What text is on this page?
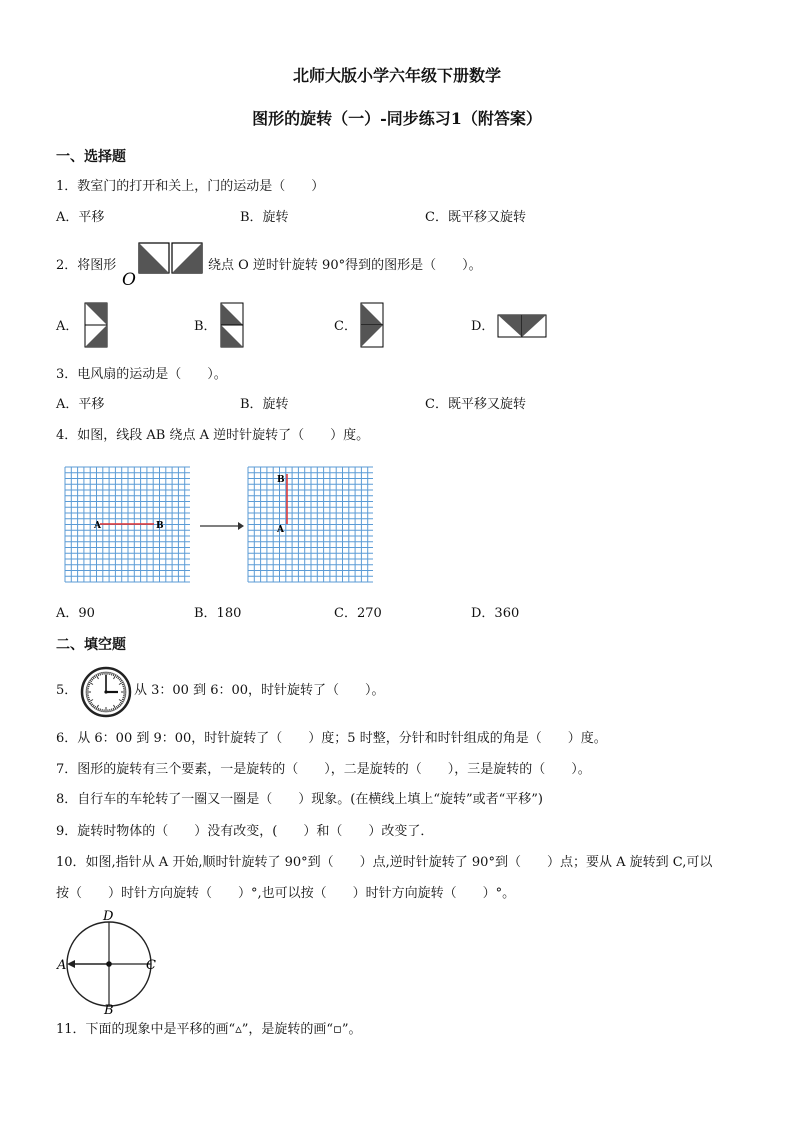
北师大版小学六年级下册数学
图形的旋转（一）-同步练习1（附答案）
一、选择题
1．教室门的打开和关上，门的运动是（　　）
A．平移	B．旋转	C．既平移又旋转
2．将图形
O
绕点 O 逆时针旋转 90°得到的图形是（　　）。
A．	B．	C．	D．
3．电风扇的运动是（　　）。
A．平移	B．旋转	C．既平移又旋转
4．如图，线段 AB 绕点 A 逆时针旋转了（　　）度。
A	B	A
B
A．90	B．180	C．270	D．360
二、填空题
5．	从 3：00 到 6：00，时针旋转了（　　）。
6．从 6：00 到 9：00，时针旋转了（　　）度；5 时整，分针和时针组成的角是（　　）度。
7．图形的旋转有三个要素，一是旋转的（　　），二是旋转的（　　），三是旋转的（　　）。
8．自行车的车轮转了一圈又一圈是（　　）现象。(在横线上填上“旋转”或者“平移”)
9．旋转时物体的（　　）没有改变，(　　）和（　　）改变了．
10．如图,指针从 A 开始,顺时针旋转了 90°到（　　）点,逆时针旋转了 90°到（　　）点；要从 A 旋转到 C,可以
按（　　）时针方向旋转（　　）°,也可以按（　　）时针方向旋转（　　）°。
D
A	C
B
11．下面的现象中是平移的画“▵”，是旋转的画“▫”。
